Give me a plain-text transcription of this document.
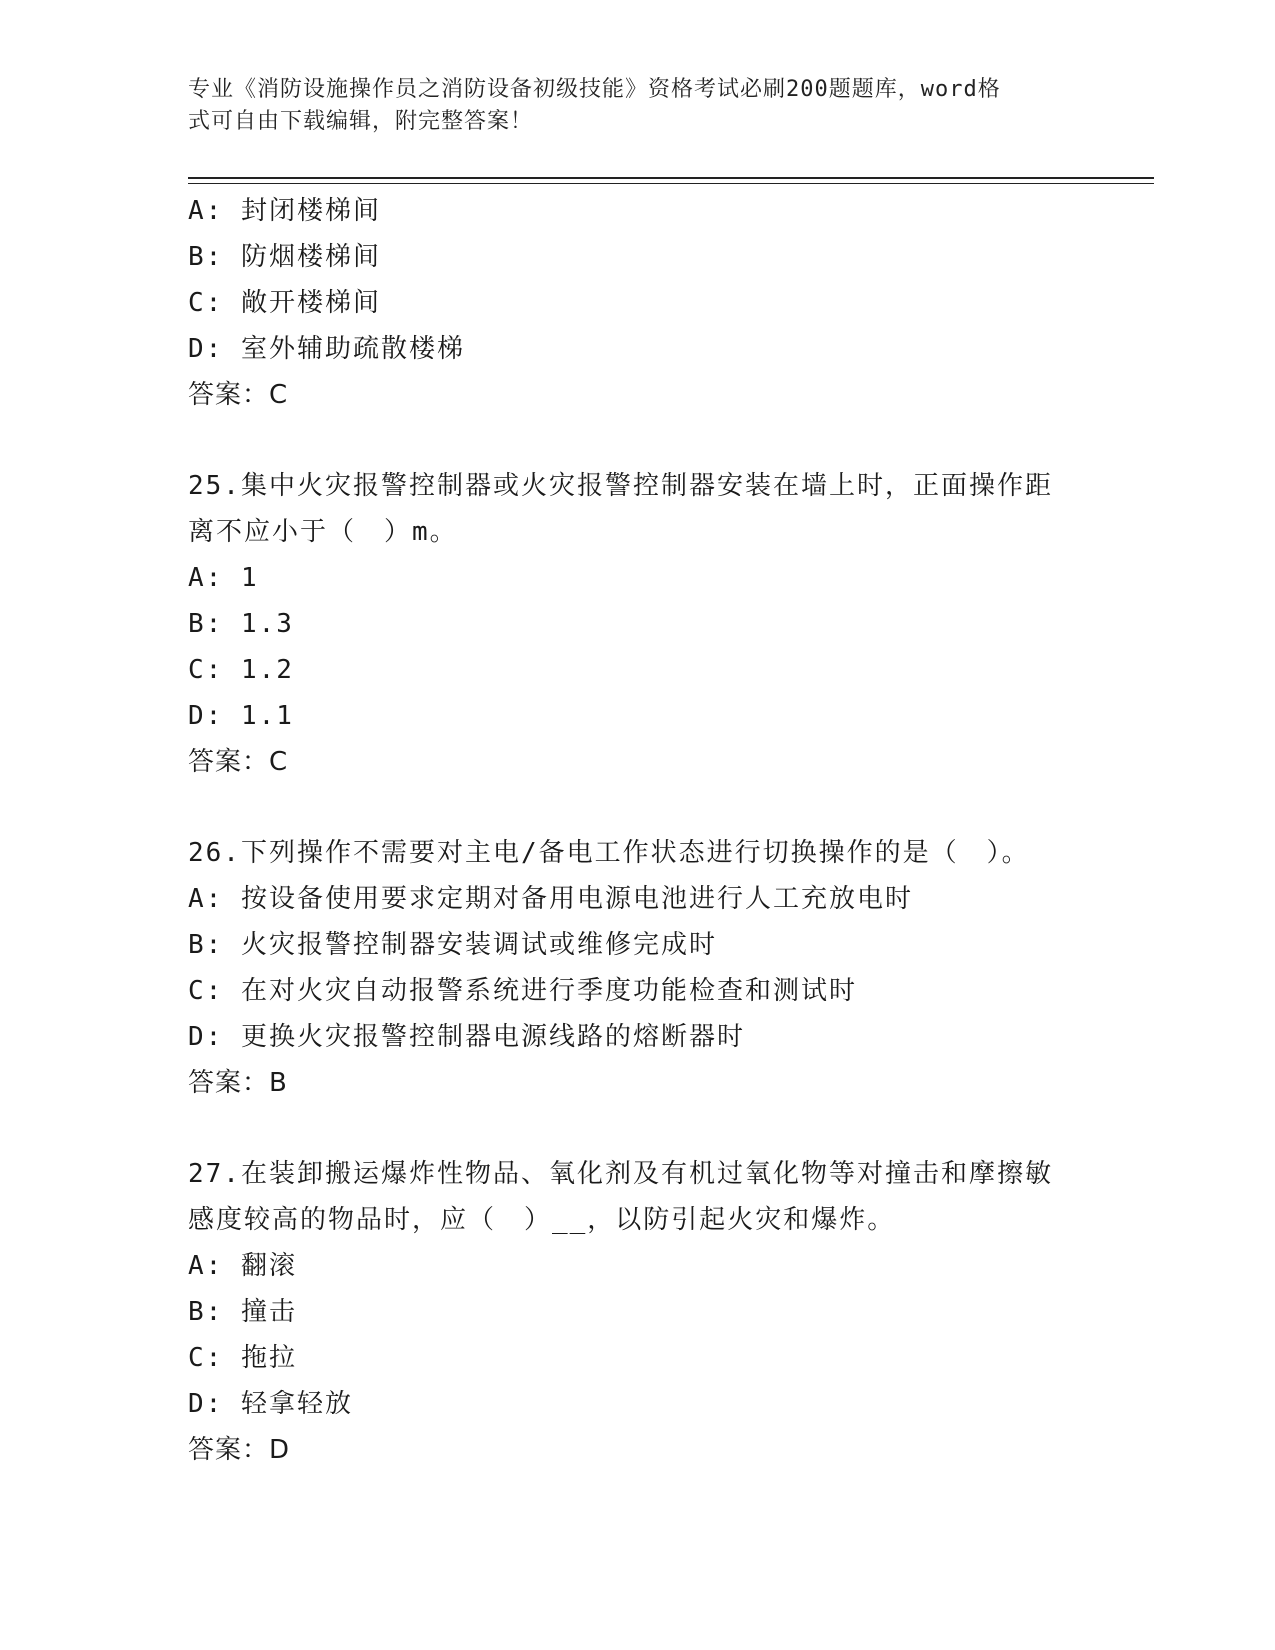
专业《消防设施操作员之消防设备初级技能》资格考试必刷200题题库，word格
式可自由下载编辑，附完整答案！
A: 封闭楼梯间
B: 防烟楼梯间
C: 敞开楼梯间
D: 室外辅助疏散楼梯
答案：C
25.集中火灾报警控制器或火灾报警控制器安装在墙上时，正面操作距
离不应小于（　）m。
A: 1
B: 1.3
C: 1.2
D: 1.1
答案：C
26.下列操作不需要对主电/备电工作状态进行切换操作的是（　）。
A: 按设备使用要求定期对备用电源电池进行人工充放电时
B: 火灾报警控制器安装调试或维修完成时
C: 在对火灾自动报警系统进行季度功能检查和测试时
D: 更换火灾报警控制器电源线路的熔断器时
答案：B
27.在装卸搬运爆炸性物品、氧化剂及有机过氧化物等对撞击和摩擦敏
感度较高的物品时，应（　）__，以防引起火灾和爆炸。
A: 翻滚
B: 撞击
C: 拖拉
D: 轻拿轻放
答案：D
